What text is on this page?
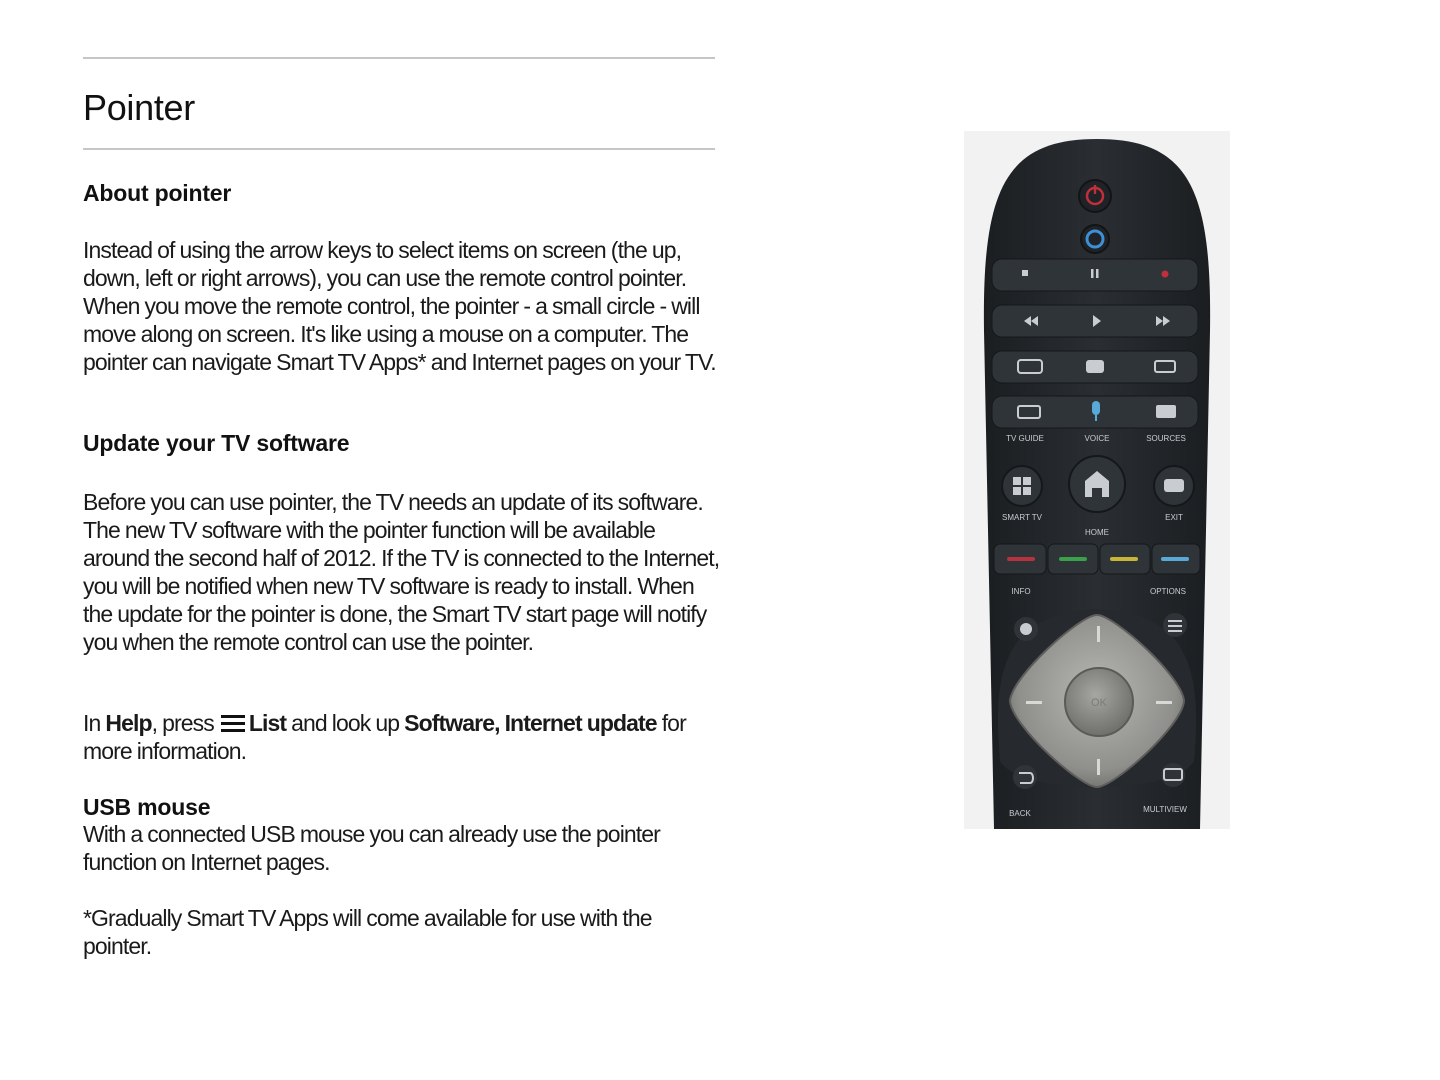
Pointer
About pointer
Instead of using the arrow keys to select items on screen (the up, down, left or right arrows), you can use the remote control pointer. When you move the remote control, the pointer - a small circle - will move along on screen. It's like using a mouse on a computer. The pointer can navigate Smart TV Apps* and Internet pages on your TV.
Update your TV software
Before you can use pointer, the TV needs an update of its software. The new TV software with the pointer function will be available around the second half of 2012. If the TV is connected to the Internet, you will be notified when new TV software is ready to install. When the update for the pointer is done, the Smart TV start page will notify you when the remote control can use the pointer.
In Help, press
List and look up Software, Internet update for more information.
USB mouse
With a connected USB mouse you can already use the pointer function on Internet pages.
*Gradually Smart TV Apps will come available for use with the pointer.
TV GUIDE	VOICE	SOURCES
SMART TV
HOME
EXIT
INFO	OPTIONS
OK
BACK	MULTIVIEW
